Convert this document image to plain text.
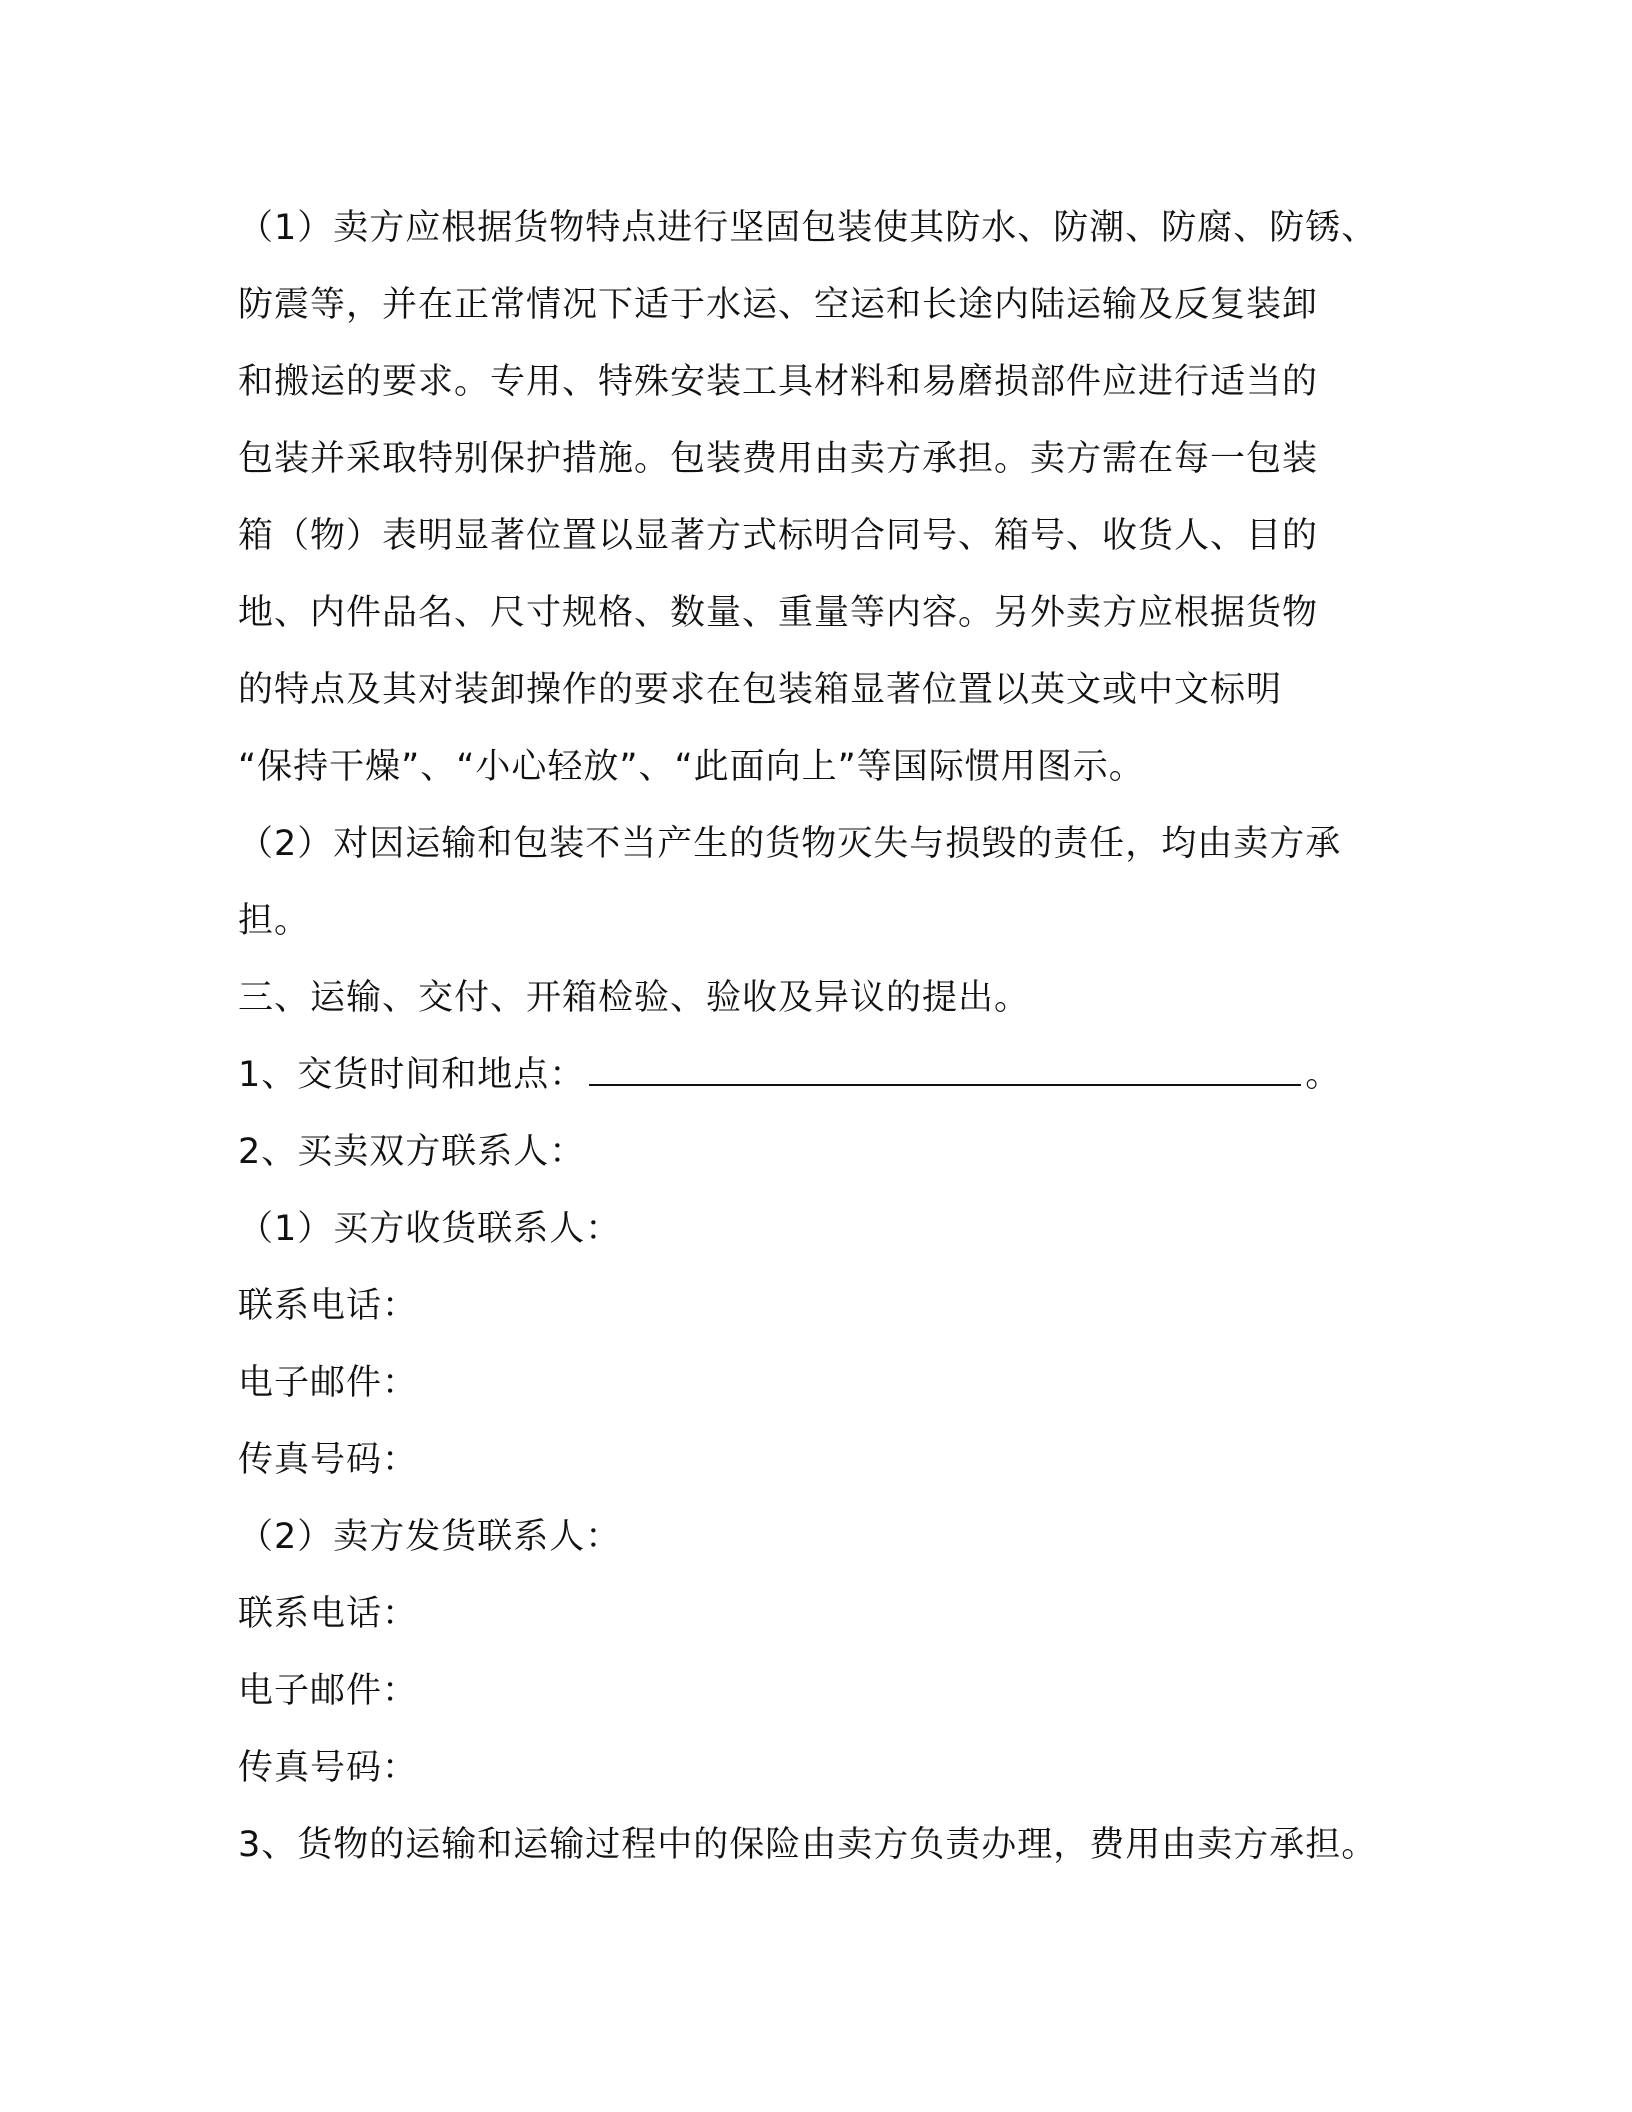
（1）卖方应根据货物特点进行坚固包装使其防水、防潮、防腐、防锈、
防震等，并在正常情况下适于水运、空运和长途内陆运输及反复装卸
和搬运的要求。专用、特殊安装工具材料和易磨损部件应进行适当的
包装并采取特别保护措施。包装费用由卖方承担。卖方需在每一包装
箱（物）表明显著位置以显著方式标明合同号、箱号、收货人、目的
地、内件品名、尺寸规格、数量、重量等内容。另外卖方应根据货物
的特点及其对装卸操作的要求在包装箱显著位置以英文或中文标明
“保持干燥”、“小心轻放”、“此面向上”等国际惯用图示。
（2）对因运输和包装不当产生的货物灭失与损毁的责任，均由卖方承
担。
三、运输、交付、开箱检验、验收及异议的提出。
1、交货时间和地点：	。
2、买卖双方联系人：
（1）买方收货联系人：
联系电话：
电子邮件：
传真号码：
（2）卖方发货联系人：
联系电话：
电子邮件：
传真号码：
3、货物的运输和运输过程中的保险由卖方负责办理，费用由卖方承担。
